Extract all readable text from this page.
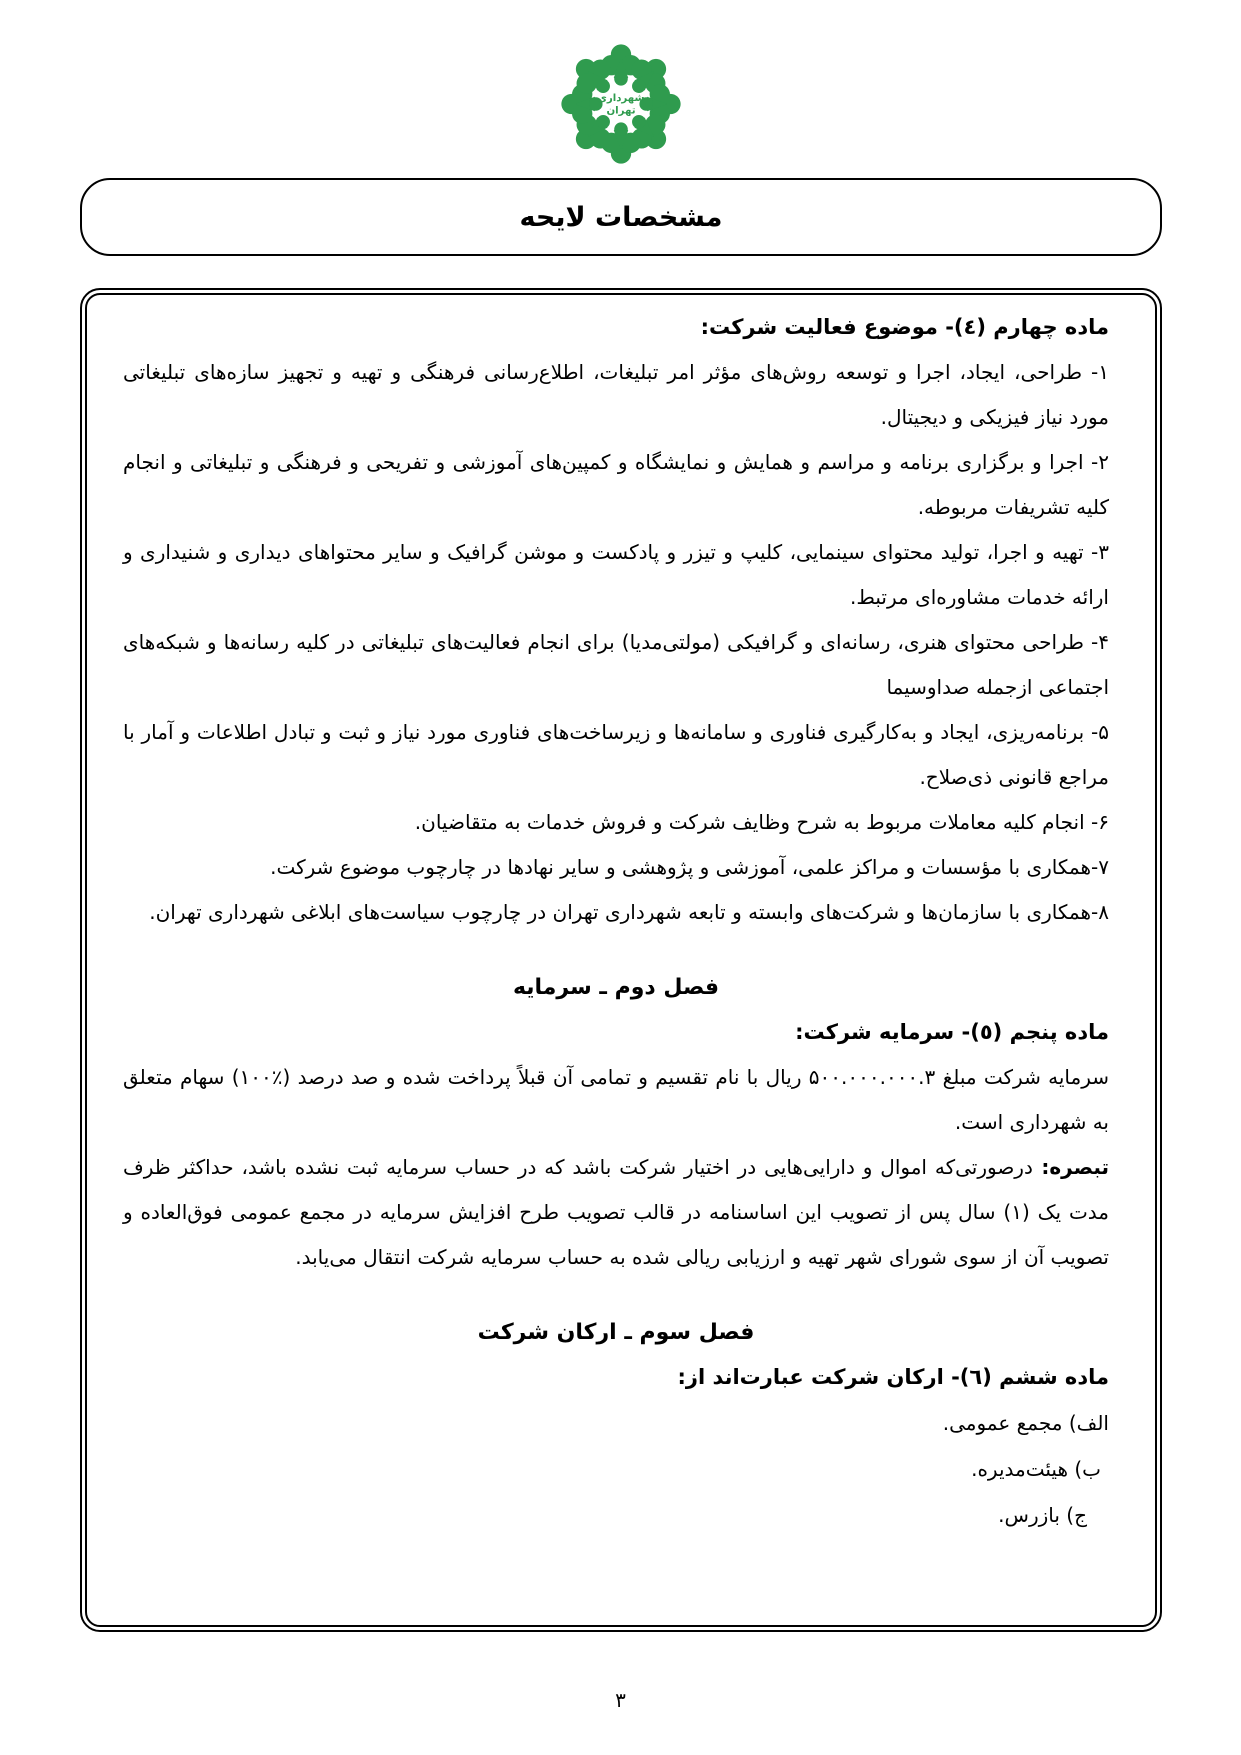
شهرداری
تهران
مشخصات لایحه
ماده چهارم (٤)- موضوع فعالیت شرکت:

۱- طراحی، ایجاد، اجرا و توسعه روش‌های مؤثر امر تبلیغات، اطلاع‌رسانی فرهنگی و تهیه و تجهیز سازه‌های تبلیغاتی مورد نیاز فیزیکی و دیجیتال.

۲- اجرا و برگزاری برنامه و مراسم و همایش و نمایشگاه و کمپین‌های آموزشی و تفریحی و فرهنگی و تبلیغاتی و انجام کلیه تشریفات مربوطه.

۳- تهیه و اجرا، تولید محتوای سینمایی، کلیپ و تیزر و پادکست و موشن گرافیک و سایر محتواهای دیداری و شنیداری و ارائه خدمات مشاوره‌ای مرتبط.

۴- طراحی محتوای هنری، رسانه‌ای و گرافیکی (مولتی‌مدیا) برای انجام فعالیت‌های تبلیغاتی در کلیه رسانه‌ها و شبکه‌های اجتماعی ازجمله صداوسیما

۵- برنامه‌ریزی، ایجاد و به‌کارگیری فناوری و سامانه‌ها و زیرساخت‌های فناوری مورد نیاز و ثبت و تبادل اطلاعات و آمار با مراجع قانونی ذی‌صلاح.

۶- انجام کلیه معاملات مربوط به شرح وظایف شرکت و فروش خدمات به متقاضیان.

۷-همکاری با مؤسسات و مراکز علمی، آموزشی و پژوهشی و سایر نهادها در چارچوب موضوع شرکت.

۸-همکاری با سازمان‌ها و شرکت‌های وابسته و تابعه شهرداری تهران در چارچوب سیاست‌های ابلاغی شهرداری تهران.

فصل دوم ـ سرمایه
ماده پنجم (٥)- سرمایه شرکت:

سرمایه شرکت مبلغ ۵۰۰.۰۰۰.۰۰۰.۳ ریال با نام تقسیم و تمامی آن قبلاً پرداخت شده و صد درصد (٪۱۰۰) سهام متعلق به شهرداری است.

تبصره: درصورتی‌که اموال و دارایی‌هایی در اختیار شرکت باشد که در حساب سرمایه ثبت نشده باشد، حداکثر ظرف مدت یک (۱) سال پس از تصویب این اساسنامه در قالب تصویب طرح افزایش سرمایه در مجمع عمومی فوق‌العاده و تصویب آن از سوی شورای شهر تهیه و ارزیابی ریالی شده به حساب سرمایه شرکت انتقال می‌یابد.

فصل سوم ـ ارکان شرکت
ماده ششم (٦)- ارکان شرکت عبارت‌اند از:

الف) مجمع عمومی.

ب) هیئت‌مدیره.

ج) بازرس.

۳
